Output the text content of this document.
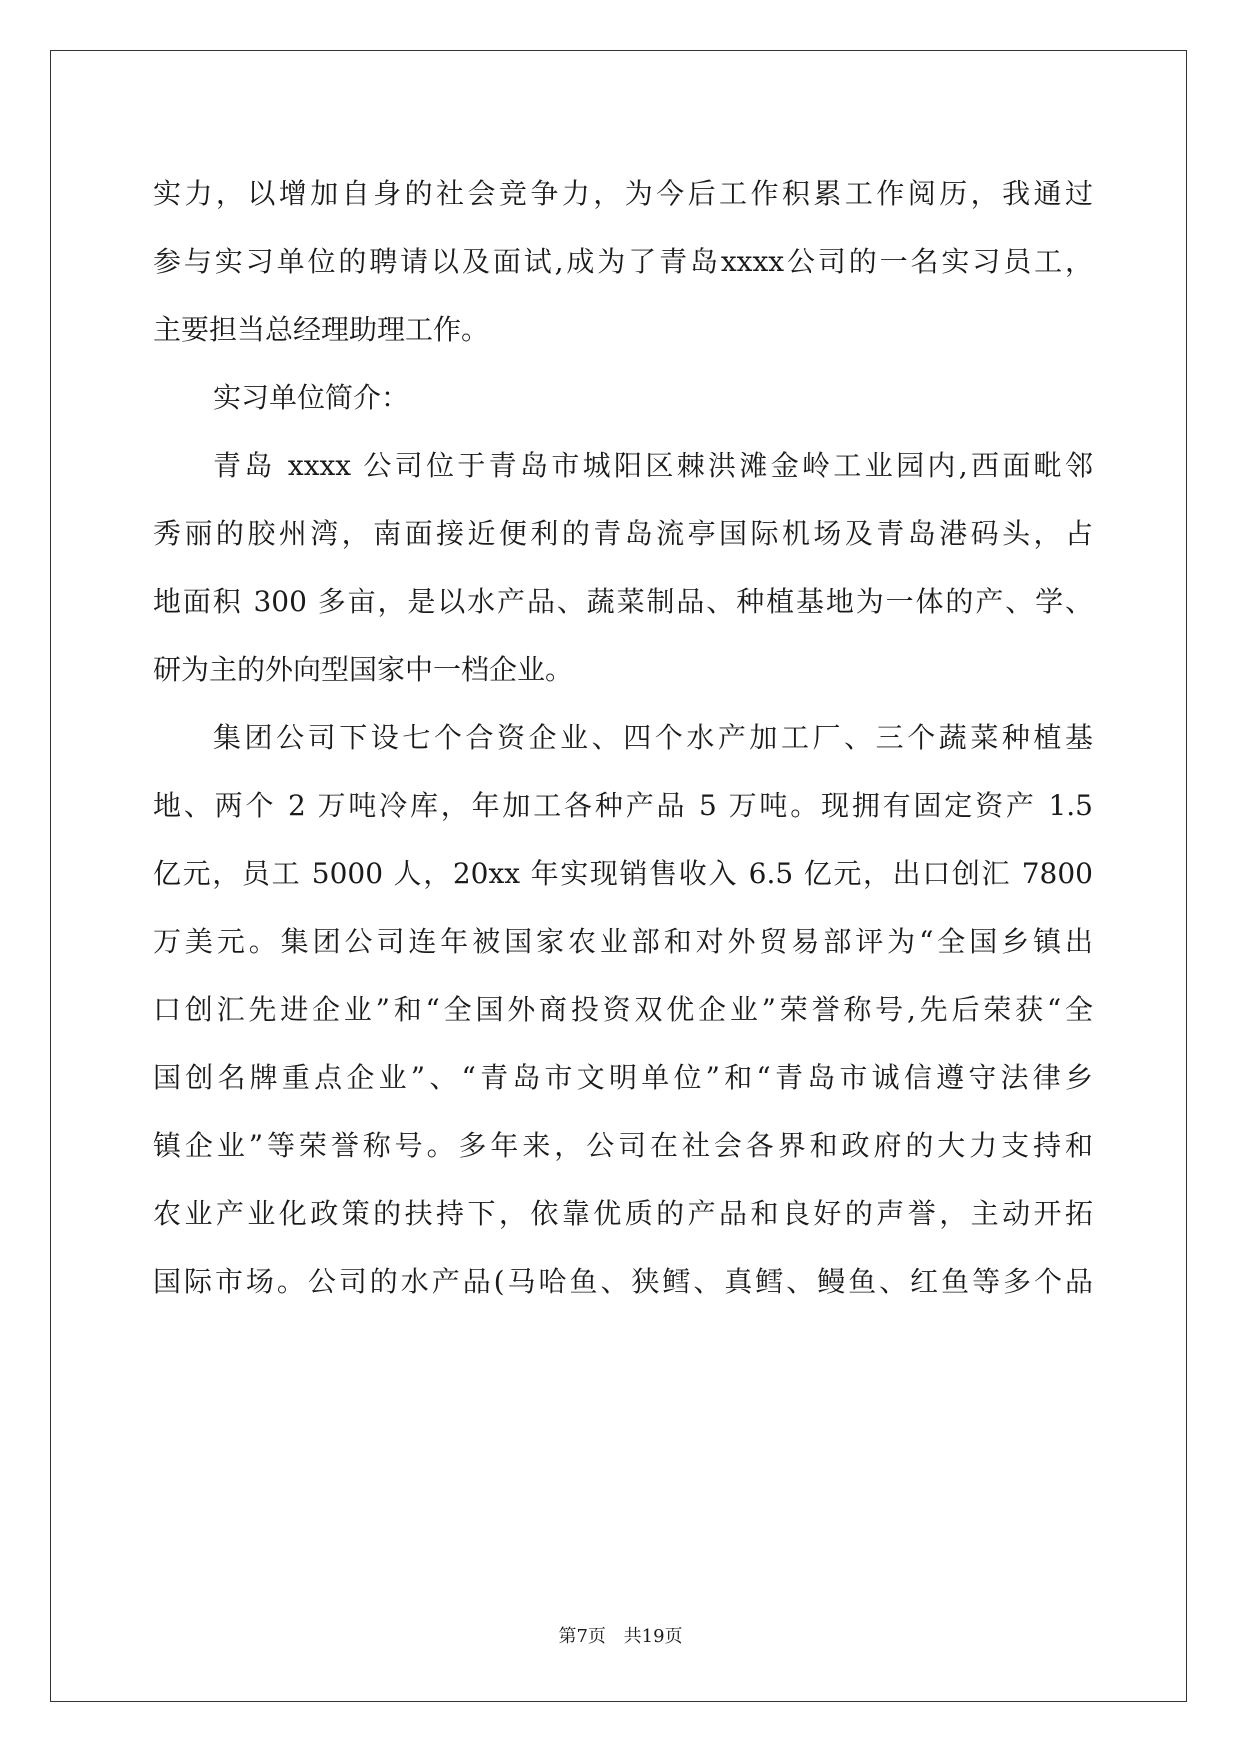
实力，以增加自身的社会竞争力，为今后工作积累工作阅历，我通过
参与实习单位的聘请以及面试,成为了青岛xxxx公司的一名实习员工，
主要担当总经理助理工作。
实习单位简介：
青岛 xxxx 公司位于青岛市城阳区棘洪滩金岭工业园内,西面毗邻
秀丽的胶州湾，南面接近便利的青岛流亭国际机场及青岛港码头，占
地面积 300 多亩，是以水产品、蔬菜制品、种植基地为一体的产、学、
研为主的外向型国家中一档企业。
集团公司下设七个合资企业、四个水产加工厂、三个蔬菜种植基
地、两个 2 万吨冷库，年加工各种产品 5 万吨。现拥有固定资产 1.5
亿元，员工 5000 人，20xx 年实现销售收入 6.5 亿元，出口创汇 7800
万美元。集团公司连年被国家农业部和对外贸易部评为“全国乡镇出
口创汇先进企业”和“全国外商投资双优企业”荣誉称号,先后荣获“全
国创名牌重点企业”、“青岛市文明单位”和“青岛市诚信遵守法律乡
镇企业”等荣誉称号。多年来，公司在社会各界和政府的大力支持和
农业产业化政策的扶持下，依靠优质的产品和良好的声誉，主动开拓
国际市场。公司的水产品(马哈鱼、狭鳕、真鳕、鳗鱼、红鱼等多个品
第7页 共19页
